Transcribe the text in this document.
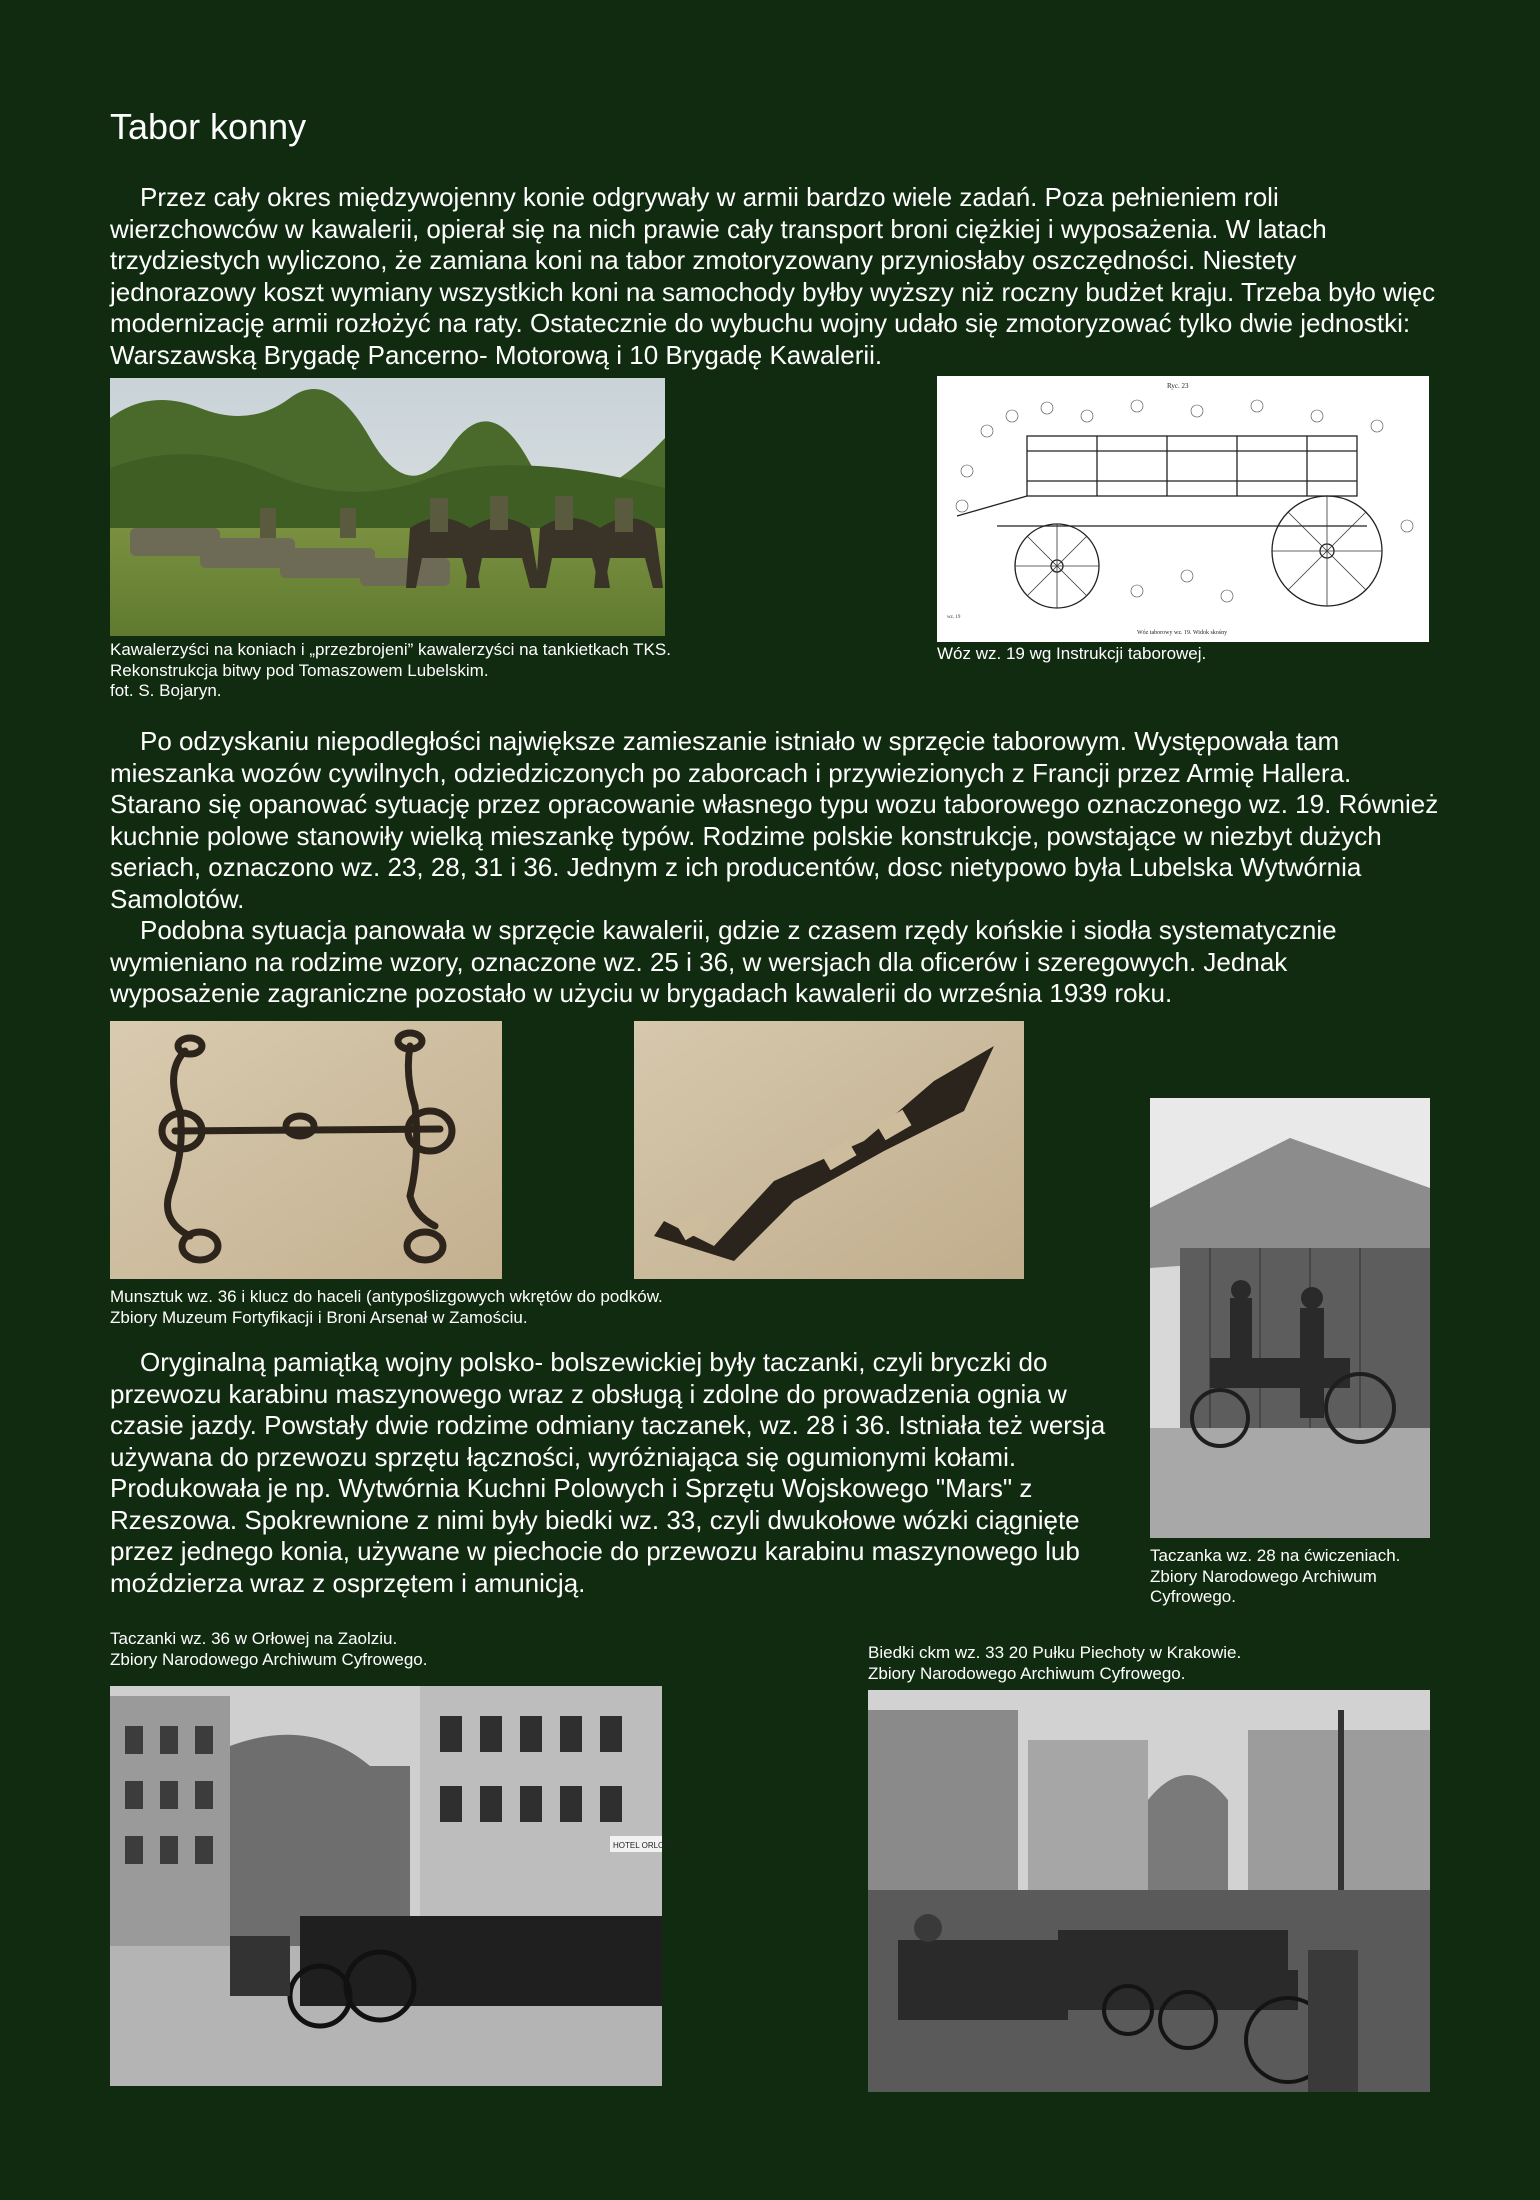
Tabor konny

Przez cały okres międzywojenny konie odgrywały w armii bardzo wiele zadań. Poza pełnieniem roli wierzchowców w kawalerii, opierał się na nich prawie cały transport broni ciężkiej i wyposażenia. W latach trzydziestych wyliczono, że zamiana koni na tabor zmotoryzowany przyniosłaby oszczędności. Niestety jednorazowy koszt wymiany wszystkich koni na samochody byłby wyższy niż roczny budżet kraju. Trzeba było więc modernizację armii rozłożyć na raty. Ostatecznie do wybuchu wojny udało się zmotoryzować tylko dwie jednostki: Warszawską Brygadę Pancerno- Motorową i 10 Brygadę Kawalerii.

Kawalerzyści na koniach i „przezbrojeni” kawalerzyści na tankietkach TKS.
Rekonstrukcja bitwy pod Tomaszowem Lubelskim.
fot. S. Bojaryn.
Ryc. 23
wz. 19
Wóz taborowy wz. 19. Widok skośny
Wóz wz. 19 wg Instrukcji taborowej.

Po odzyskaniu niepodległości największe zamieszanie istniało w sprzęcie taborowym. Występowała tam mieszanka wozów cywilnych, odziedziczonych po zaborcach i przywiezionych z Francji przez Armię Hallera. Starano się opanować sytuację przez opracowanie własnego typu wozu taborowego oznaczonego wz. 19. Również kuchnie polowe stanowiły wielką mieszankę typów. Rodzime polskie konstrukcje, powstające w niezbyt dużych seriach, oznaczono wz. 23, 28, 31 i 36. Jednym z ich producentów, dosc nietypowo była Lubelska Wytwórnia Samolotów.

Podobna sytuacja panowała w sprzęcie kawalerii, gdzie z czasem rzędy końskie i siodła systematycznie wymieniano na rodzime wzory, oznaczone wz. 25 i 36, w wersjach dla oficerów i szeregowych. Jednak wyposażenie zagraniczne pozostało w użyciu w brygadach kawalerii do września 1939 roku.

Munsztuk wz. 36 i klucz do haceli (antypoślizgowych wkrętów do podków.
Zbiory Muzeum Fortyfikacji i Broni Arsenał w Zamościu.
Taczanka wz. 28 na ćwiczeniach.
Zbiory Narodowego Archiwum
Cyfrowego.

Oryginalną pamiątką wojny polsko- bolszewickiej były taczanki, czyli bryczki do przewozu karabinu maszynowego wraz z obsługą i zdolne do prowadzenia ognia w czasie jazdy. Powstały dwie rodzime odmiany taczanek, wz. 28 i 36. Istniała też wersja używana do przewozu sprzętu łączności, wyróżniająca się ogumionymi kołami. Produkowała je np. Wytwórnia Kuchni Polowych i Sprzętu Wojskowego "Mars" z Rzeszowa. Spokrewnione z nimi były biedki wz. 33, czyli dwukołowe wózki ciągnięte przez jednego konia, używane w piechocie do przewozu karabinu maszynowego lub moździerza wraz z osprzętem i amunicją.

Taczanki wz. 36 w Orłowej na Zaolziu.
Zbiory Narodowego Archiwum Cyfrowego.	Biedki ckm wz. 33 20 Pułku Piechoty w Krakowie.
Zbiory Narodowego Archiwum Cyfrowego.
HOTEL ORLOVA
